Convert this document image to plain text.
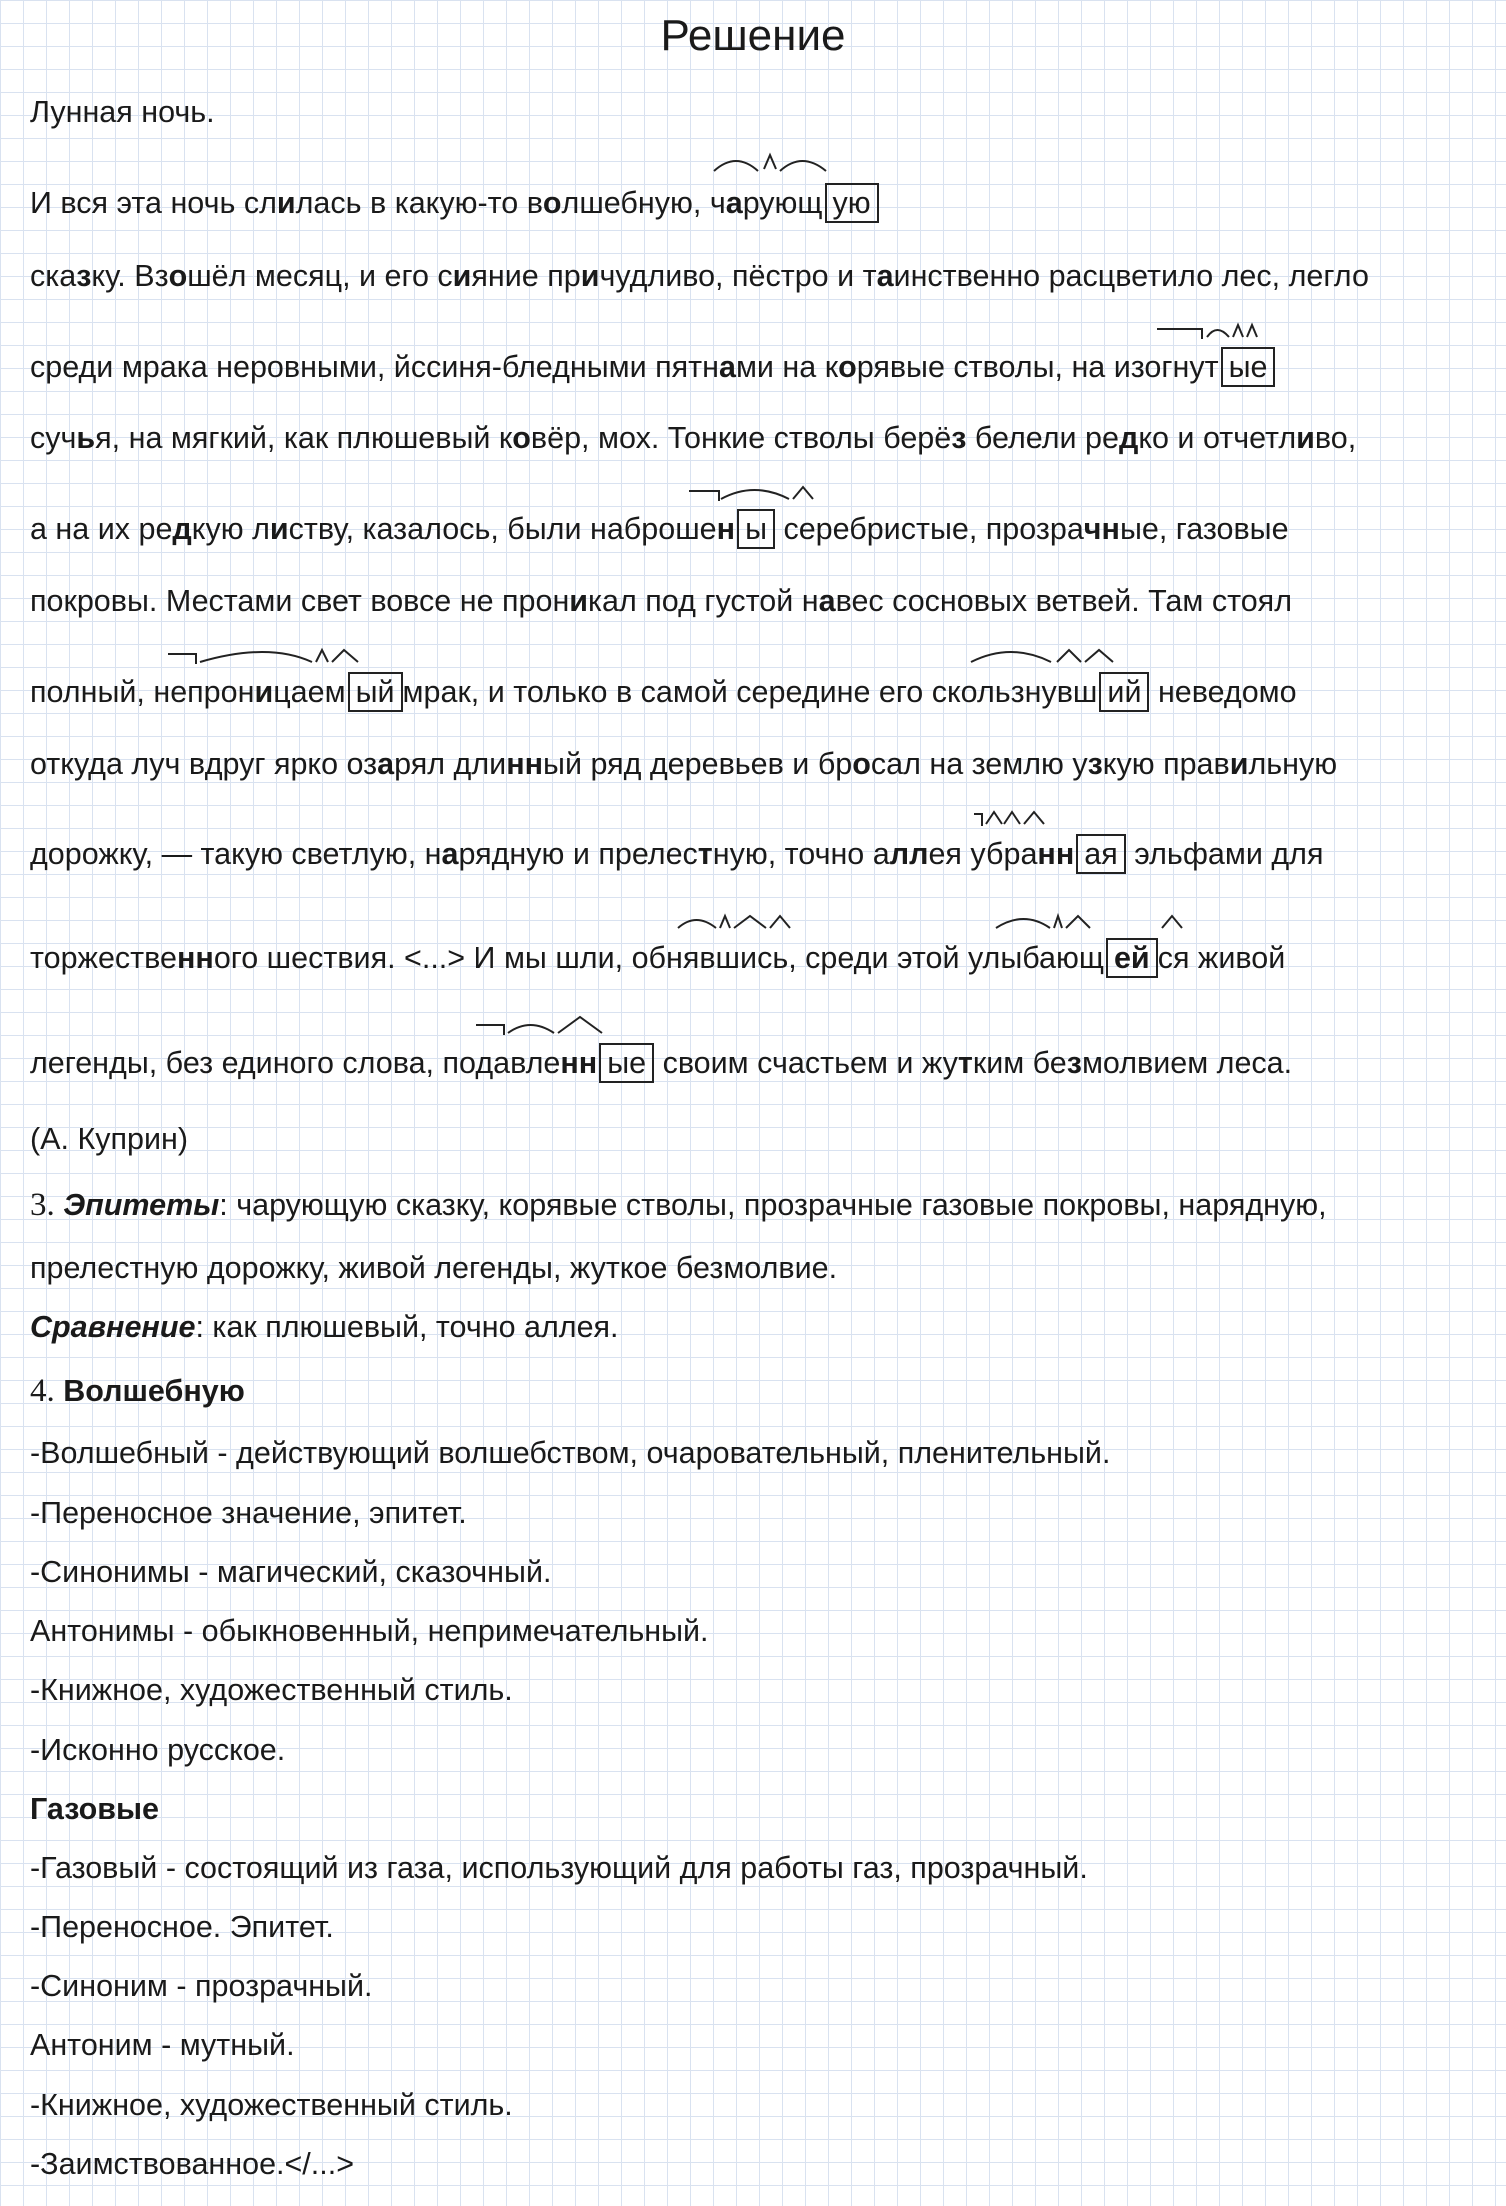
Решение
Лунная ночь.
И вся эта ночь слилась в какую-то волшебную,
чарующ ую
сказку. Взошёл месяц, и его сияние причудливо, пёстро и таинственно расцветило лес, легло
среди мрака неровными, йссиня-бледными пятнами на ко
рявые стволы, на изогнут ые
сучья, на мягкий, как плюшевый ковёр, мох. Тонкие стволы берёз белели редко и отчетливо,
а на их редкую ли
ству, казалось, были наброшен ы серебристые, прозрачные, газовые
покровы. Местами свет вовсе не проникал под густой навес сосновых ветвей. Там стоял
полный, непроницаем ый
мрак, и только в самой середине его скользнувш ий неведомо
откуда луч вдруг ярко озарял длинный ряд деревьев и бросал на землю узкую правильную
дорожку, — такую светлую, нарядную и прелестную, точно алл
ея убранн ая эльфами для
торжественн
ого шествия. <...> И мы шли, обнявшись, среди этой улыбающ ей ся живой
легенды, без единого слова, подавленн ые своим счастьем и жутким безмолвием леса.
(А. Куприн)
3. Эпитеты: чарующую сказку, корявые стволы, прозрачные газовые покровы, нарядную,
прелестную дорожку, живой легенды, жуткое безмолвие.
Сравнение: как плюшевый, точно аллея.
4. Волшебную
-Волшебный - действующий волшебством, очаровательный, пленительный.
-Переносное значение, эпитет.
-Синонимы - магический, сказочный.
Антонимы - обыкновенный, непримечательный.
-Книжное, художественный стиль.
-Исконно русское.
Газовые
-Газовый - состоящий из газа, использующий для работы газ, прозрачный.
-Переносное. Эпитет.
-Синоним - прозрачный.
Антоним - мутный.
-Книжное, художественный стиль.
-Заимствованное.</...>
